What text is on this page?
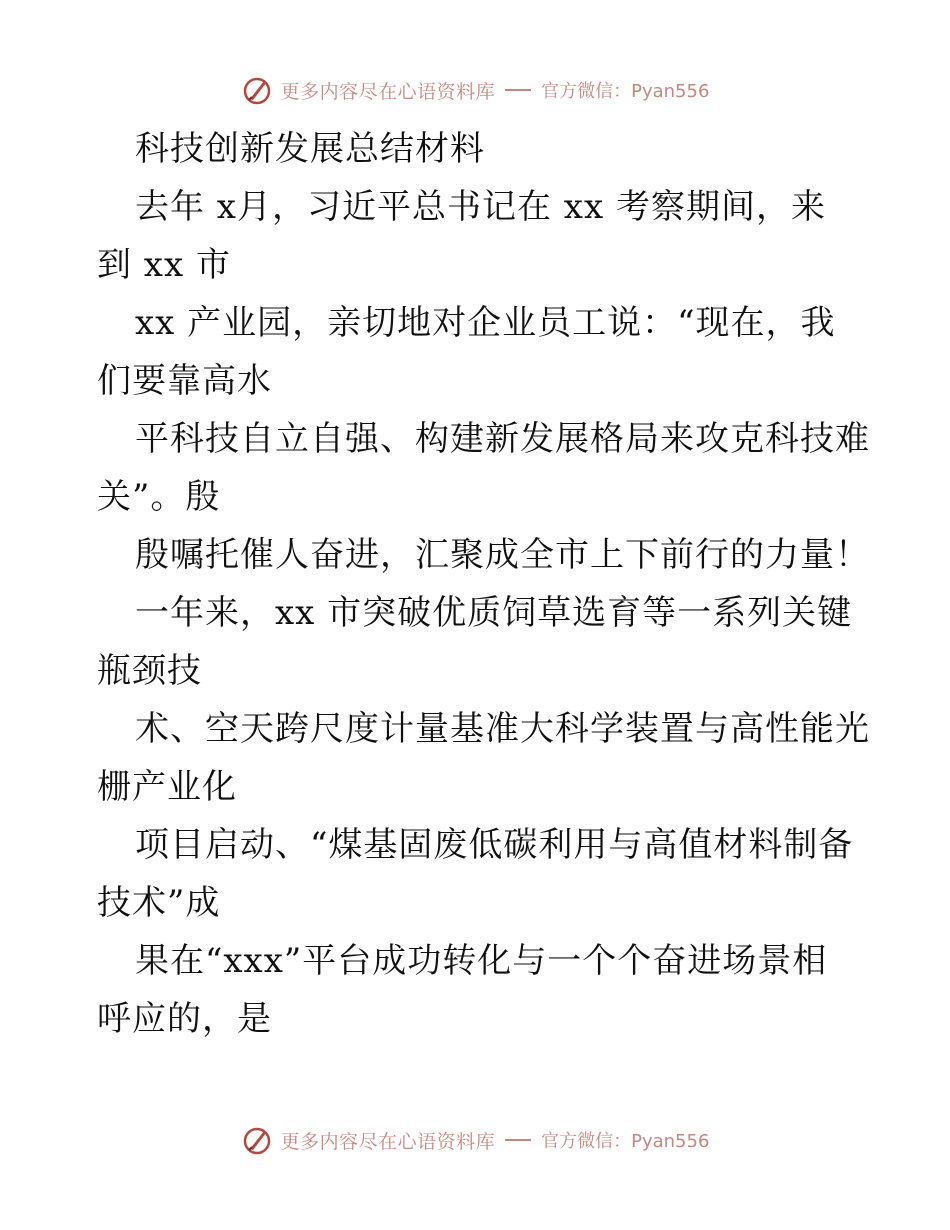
更多内容尽在心语资料库	官方微信：Pyan556
科技创新发展总结材料
去年 x月，习近平总书记在 xx 考察期间，来
到 xx 市
xx 产业园，亲切地对企业员工说：“现在，我
们要靠高水
平科技自立自强、构建新发展格局来攻克科技难
关”。殷
殷嘱托催人奋进，汇聚成全市上下前行的力量！
一年来，xx 市突破优质饲草选育等一系列关键
瓶颈技
术、空天跨尺度计量基准大科学装置与高性能光
栅产业化
项目启动、“煤基固废低碳利用与高值材料制备
技术”成
果在“xxx”平台成功转化与一个个奋进场景相
呼应的，是
更多内容尽在心语资料库	官方微信：Pyan556
